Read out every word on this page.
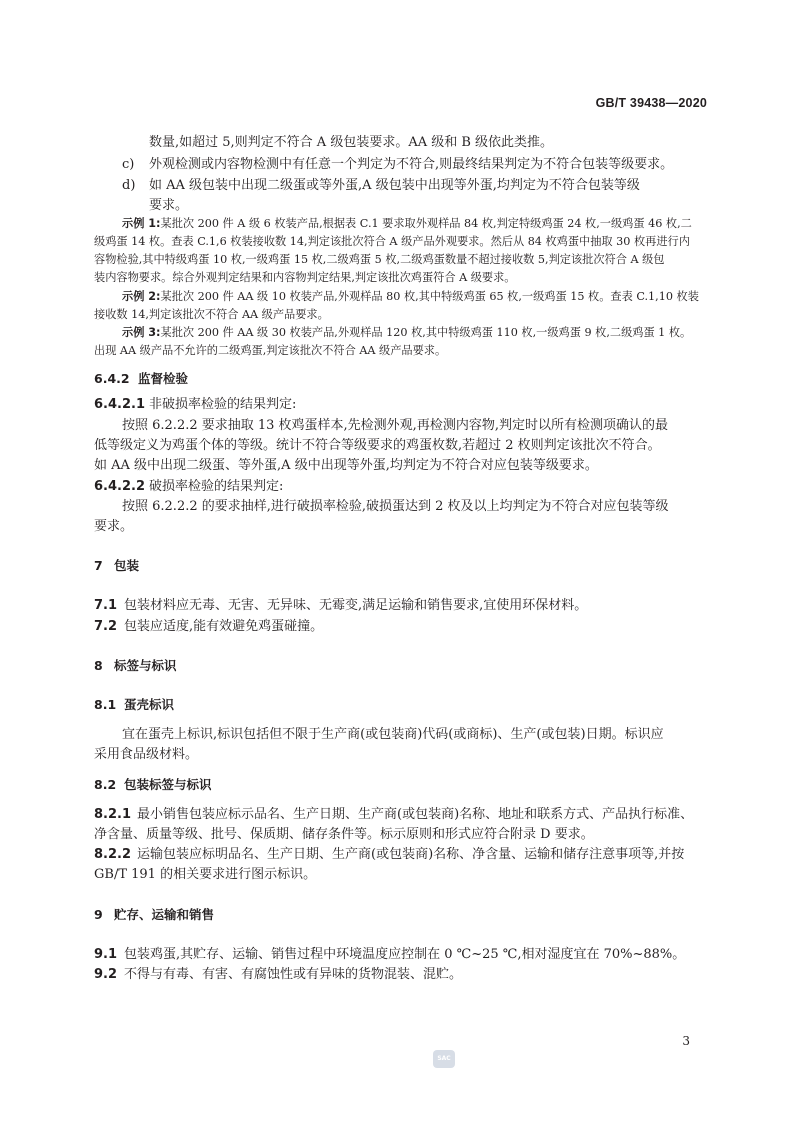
GB/T 39438—2020
数量,如超过 5,则判定不符合 A 级包装要求。AA 级和 B 级依此类推。
c) 外观检测或内容物检测中有任意一个判定为不符合,则最终结果判定为不符合包装等级要求。
d) 如 AA 级包装中出现二级蛋或等外蛋,A 级包装中出现等外蛋,均判定为不符合包装等级
要求。
示例 1:某批次 200 件 A 级 6 枚装产品,根据表 C.1 要求取外观样品 84 枚,判定特级鸡蛋 24 枚,一级鸡蛋 46 枚,二
级鸡蛋 14 枚。查表 C.1,6 枚装接收数 14,判定该批次符合 A 级产品外观要求。然后从 84 枚鸡蛋中抽取 30 枚再进行内
容物检验,其中特级鸡蛋 10 枚,一级鸡蛋 15 枚,二级鸡蛋 5 枚,二级鸡蛋数量不超过接收数 5,判定该批次符合 A 级包
装内容物要求。综合外观判定结果和内容物判定结果,判定该批次鸡蛋符合 A 级要求。
示例 2:某批次 200 件 AA 级 10 枚装产品,外观样品 80 枚,其中特级鸡蛋 65 枚,一级鸡蛋 15 枚。查表 C.1,10 枚装
接收数 14,判定该批次不符合 AA 级产品要求。
示例 3:某批次 200 件 AA 级 30 枚装产品,外观样品 120 枚,其中特级鸡蛋 110 枚,一级鸡蛋 9 枚,二级鸡蛋 1 枚。
出现 AA 级产品不允许的二级鸡蛋,判定该批次不符合 AA 级产品要求。
6.4.2 监督检验
6.4.2.1 非破损率检验的结果判定:
按照 6.2.2.2 要求抽取 13 枚鸡蛋样本,先检测外观,再检测内容物,判定时以所有检测项确认的最
低等级定义为鸡蛋个体的等级。统计不符合等级要求的鸡蛋枚数,若超过 2 枚则判定该批次不符合。
如 AA 级中出现二级蛋、等外蛋,A 级中出现等外蛋,均判定为不符合对应包装等级要求。
6.4.2.2 破损率检验的结果判定:
按照 6.2.2.2 的要求抽样,进行破损率检验,破损蛋达到 2 枚及以上均判定为不符合对应包装等级
要求。
7 包装
7.1 包装材料应无毒、无害、无异味、无霉变,满足运输和销售要求,宜使用环保材料。
7.2 包装应适度,能有效避免鸡蛋碰撞。
8 标签与标识
8.1 蛋壳标识
宜在蛋壳上标识,标识包括但不限于生产商(或包装商)代码(或商标)、生产(或包装)日期。标识应
采用食品级材料。
8.2 包装标签与标识
8.2.1 最小销售包装应标示品名、生产日期、生产商(或包装商)名称、地址和联系方式、产品执行标准、
净含量、质量等级、批号、保质期、储存条件等。标示原则和形式应符合附录 D 要求。
8.2.2 运输包装应标明品名、生产日期、生产商(或包装商)名称、净含量、运输和储存注意事项等,并按
GB/T 191 的相关要求进行图示标识。
9 贮存、运输和销售
9.1 包装鸡蛋,其贮存、运输、销售过程中环境温度应控制在 0 ℃~25 ℃,相对湿度宜在 70%~88%。
9.2 不得与有毒、有害、有腐蚀性或有异味的货物混装、混贮。
3
SAC
